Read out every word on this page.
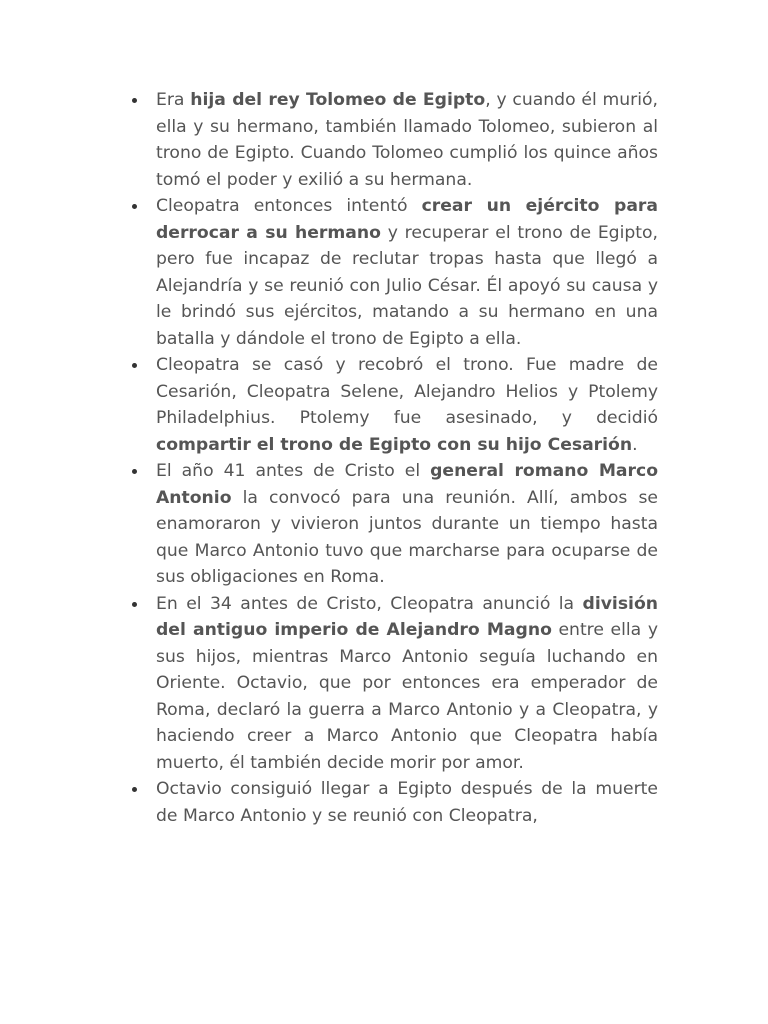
Era hija del rey Tolomeo de Egipto, y cuando él murió, ella y su hermano, también llamado Tolomeo, subieron al trono de Egipto. Cuando Tolomeo cumplió los quince años tomó el poder y exilió a su hermana.
Cleopatra entonces intentó crear un ejército para derrocar a su hermano y recuperar el trono de Egipto, pero fue incapaz de reclutar tropas hasta que llegó a Alejandría y se reunió con Julio César. Él apoyó su causa y le brindó sus ejércitos, matando a su hermano en una batalla y dándole el trono de Egipto a ella.
Cleopatra se casó y recobró el trono. Fue madre de Cesarión, Cleopatra Selene, Alejandro Helios y Ptolemy Philadelphius. Ptolemy fue asesinado, y decidió compartir el trono de Egipto con su hijo Cesarión.
El año 41 antes de Cristo el general romano Marco Antonio la convocó para una reunión. Allí, ambos se enamoraron y vivieron juntos durante un tiempo hasta que Marco Antonio tuvo que marcharse para ocuparse de sus obligaciones en Roma.
En el 34 antes de Cristo, Cleopatra anunció la división del antiguo imperio de Alejandro Magno entre ella y sus hijos, mientras Marco Antonio seguía luchando en Oriente. Octavio, que por entonces era emperador de Roma, declaró la guerra a Marco Antonio y a Cleopatra, y haciendo creer a Marco Antonio que Cleopatra había muerto, él también decide morir por amor.
Octavio consiguió llegar a Egipto después de la muerte de Marco Antonio y se reunió con Cleopatra,
